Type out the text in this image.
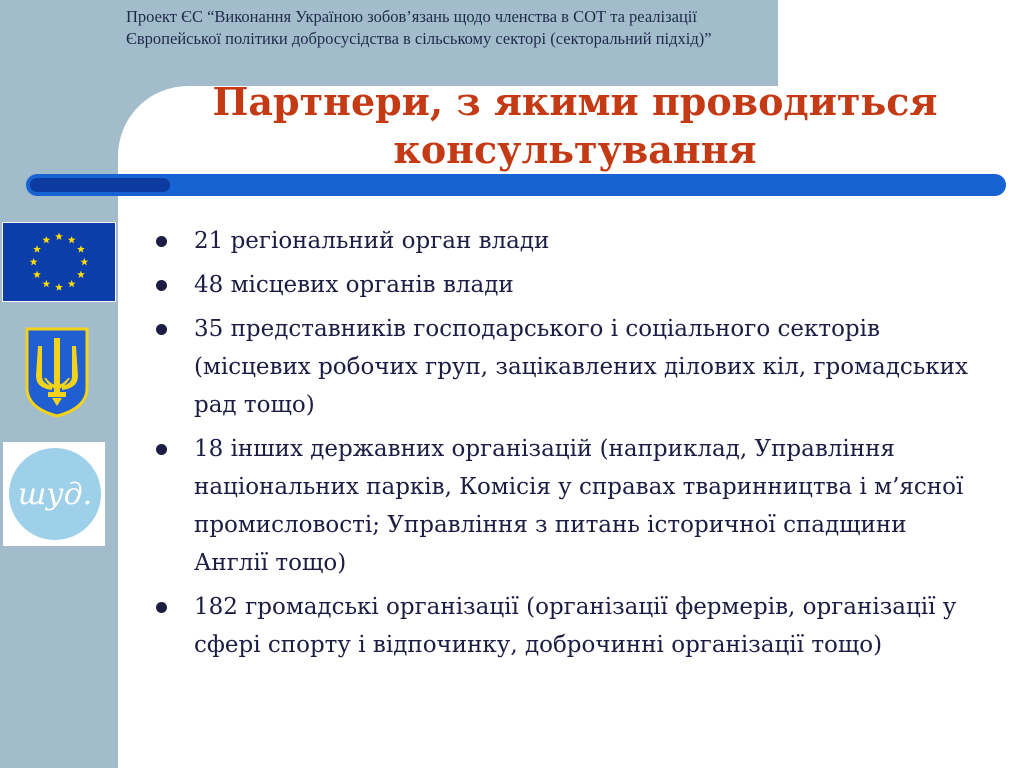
Проект ЄС “Виконання Україною зобов’язань щодо членства в СОТ та реалізації Європейської політики добросусідства в сільському секторі (секторальний підхід)”
Партнери, з якими проводиться консультування
шуд.
21 регіональний орган влади
48 місцевих органів влади
35 представників господарського і соціального секторів (місцевих робочих груп, зацікавлених ділових кіл, громадських рад тощо)
18 інших державних організацій (наприклад, Управління національних парків, Комісія у справах тваринництва і м’ясної промисловості; Управління з питань історичної спадщини Англії тощо)
182 громадські організації (організації фермерів, організації у сфері спорту і відпочинку, доброчинні організації тощо)
